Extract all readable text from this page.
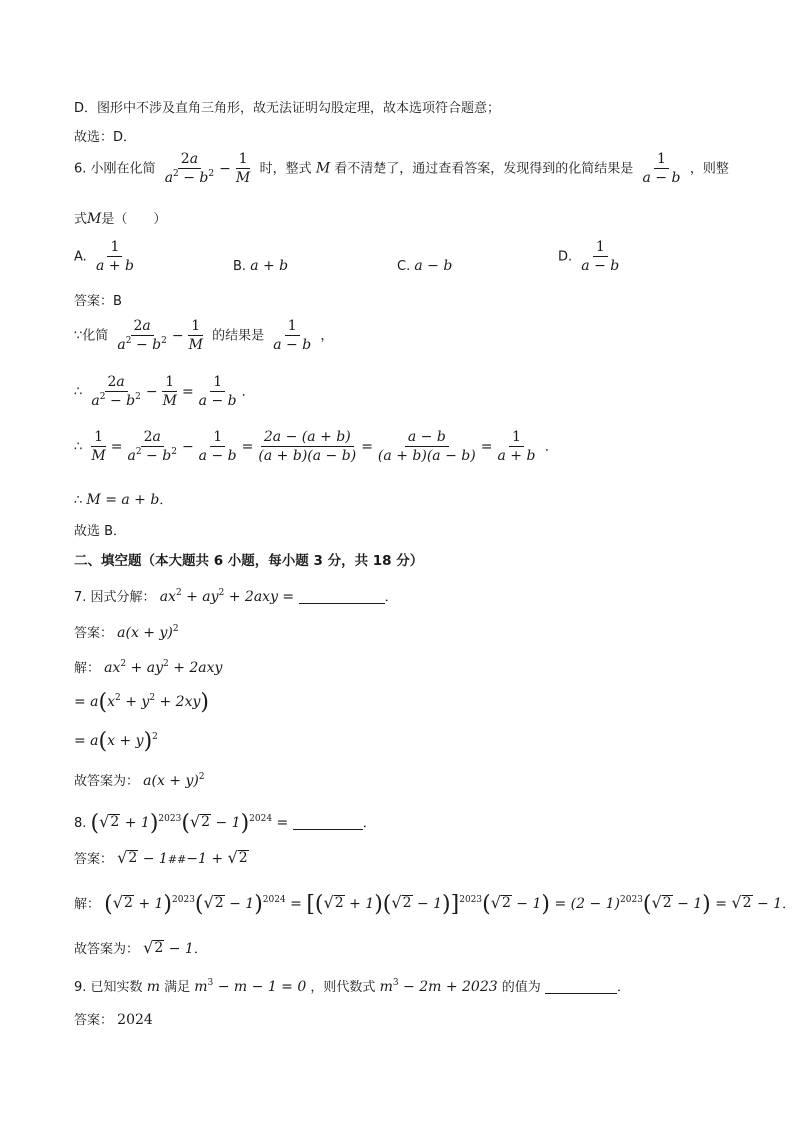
D．图形中不涉及直角三角形，故无法证明勾股定理，故本选项符合题意；
故选：D．
6. 小刚在化简 $\frac{2a}{a^2 - b^2} - \frac{1}{M}$ 时，整式 M 看不清楚了，通过查看答案，发现得到的化简结果是 $\frac{1}{a - b}$ ，则整
式M是（　　）
A. $\frac{1}{a + b}$	B. a + b	C. a − b
D. $\frac{1}{a - b}$
答案：B
∵化简 $\frac{2a}{a^2 - b^2} - \frac{1}{M}$ 的结果是 $\frac{1}{a - b}$ ，
∴ $\frac{2a}{a^2 - b^2} - \frac{1}{M} = \frac{1}{a - b}$ ．
∴ $\frac{1}{M} = \frac{2a}{a^2 - b^2} - \frac{1}{a - b} = \frac{2a - (a + b)}{(a + b)(a - b)} = \frac{a - b}{(a + b)(a - b)} = \frac{1}{a + b}$ ．
∴ M = a + b．
故选 B．
二、填空题（本大题共 6 小题，每小题 3 分，共 18 分）
7. 因式分解： $ax^2 + ay^2 + 2axy$ =	．
答案： $a(x + y)^2$
解： $ax^2 + ay^2 + 2axy$
= $a(x^2 + y^2 + 2xy)$
= $a(x + y)^2$
故答案为： $a(x + y)^2$
8. ( √ 2 + 1)$^{2023}$( √ 2 − 1)$^{2024}$ =	．
答案： √ 2 − 1##−1 + √ 2
解： ( √ 2 + 1)$^{2023}$( √ 2 − 1)$^{2024}$ = [( √ 2 + 1)( √ 2 − 1)]$^{2023}$( √ $2 - 1) = (2 - 1)^{2023}$( √ 2 − 1) = √ 2 − 1．
故答案为： √ 2 − 1．
9. 已知实数 m 满足 $m^3 - m - 1 = 0$ ，则代数式 $m^3 - 2m + 2023$ 的值为	．
答案： 2024
